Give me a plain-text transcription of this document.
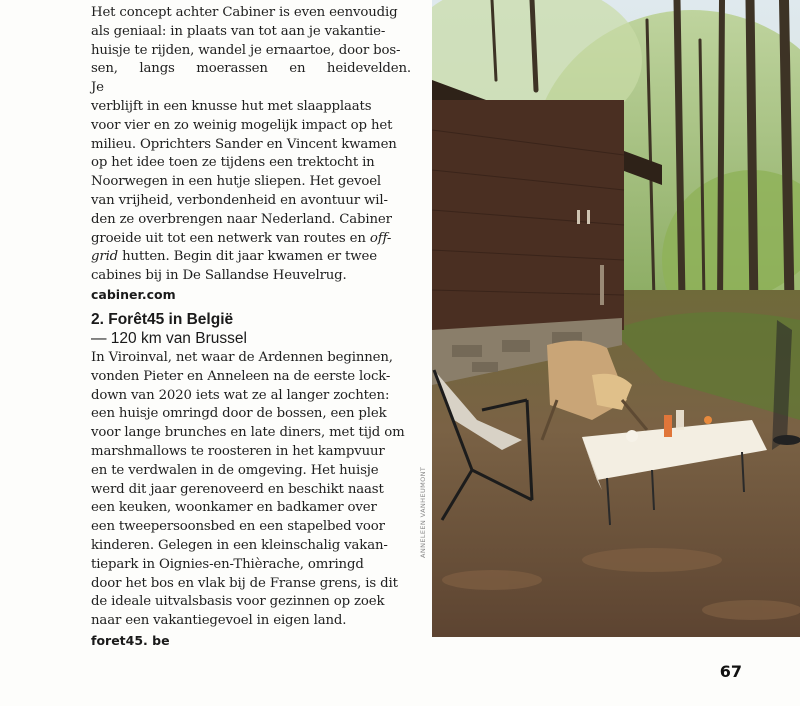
Het concept achter Cabiner is even eenvoudig

als geniaal: in plaats van tot aan je vakantie-

huisje te rijden, wandel je ernaartoe, door bos-

sen, langs moerassen en heidevelden. Je

verblijft in een knusse hut met slaapplaats

voor vier en zo weinig mogelijk impact op het

milieu. Oprichters Sander en Vincent kwamen

op het idee toen ze tijdens een trektocht in

Noorwegen in een hutje sliepen. Het gevoel

van vrijheid, verbondenheid en avontuur wil-

den ze overbrengen naar Nederland. Cabiner

groeide uit tot een netwerk van routes en off-

grid hutten. Begin dit jaar kwamen er twee

cabines bij in De Sallandse Heuvelrug.

cabiner.com
2. Forêt45 in België
— 120 km van Brussel

In Viroinval, net waar de Ardennen beginnen,

vonden Pieter en Anneleen na de eerste lock-

down van 2020 iets wat ze al langer zochten:

een huisje omringd door de bossen, een plek

voor lange brunches en late diners, met tijd om

marshmallows te roosteren in het kampvuur

en te verdwalen in de omgeving. Het huisje

werd dit jaar gerenoveerd en beschikt naast

een keuken, woonkamer en badkamer over

een tweepersoonsbed en een stapelbed voor

kinderen. Gelegen in een kleinschalig vakan-

tiepark in Oignies-en-Thièrache, omringd

door het bos en vlak bij de Franse grens, is dit

de ideale uitvalsbasis voor gezinnen op zoek

naar een vakantiegevoel in eigen land.

foret45. be
ANNELEEN VANHEUMONT
67
